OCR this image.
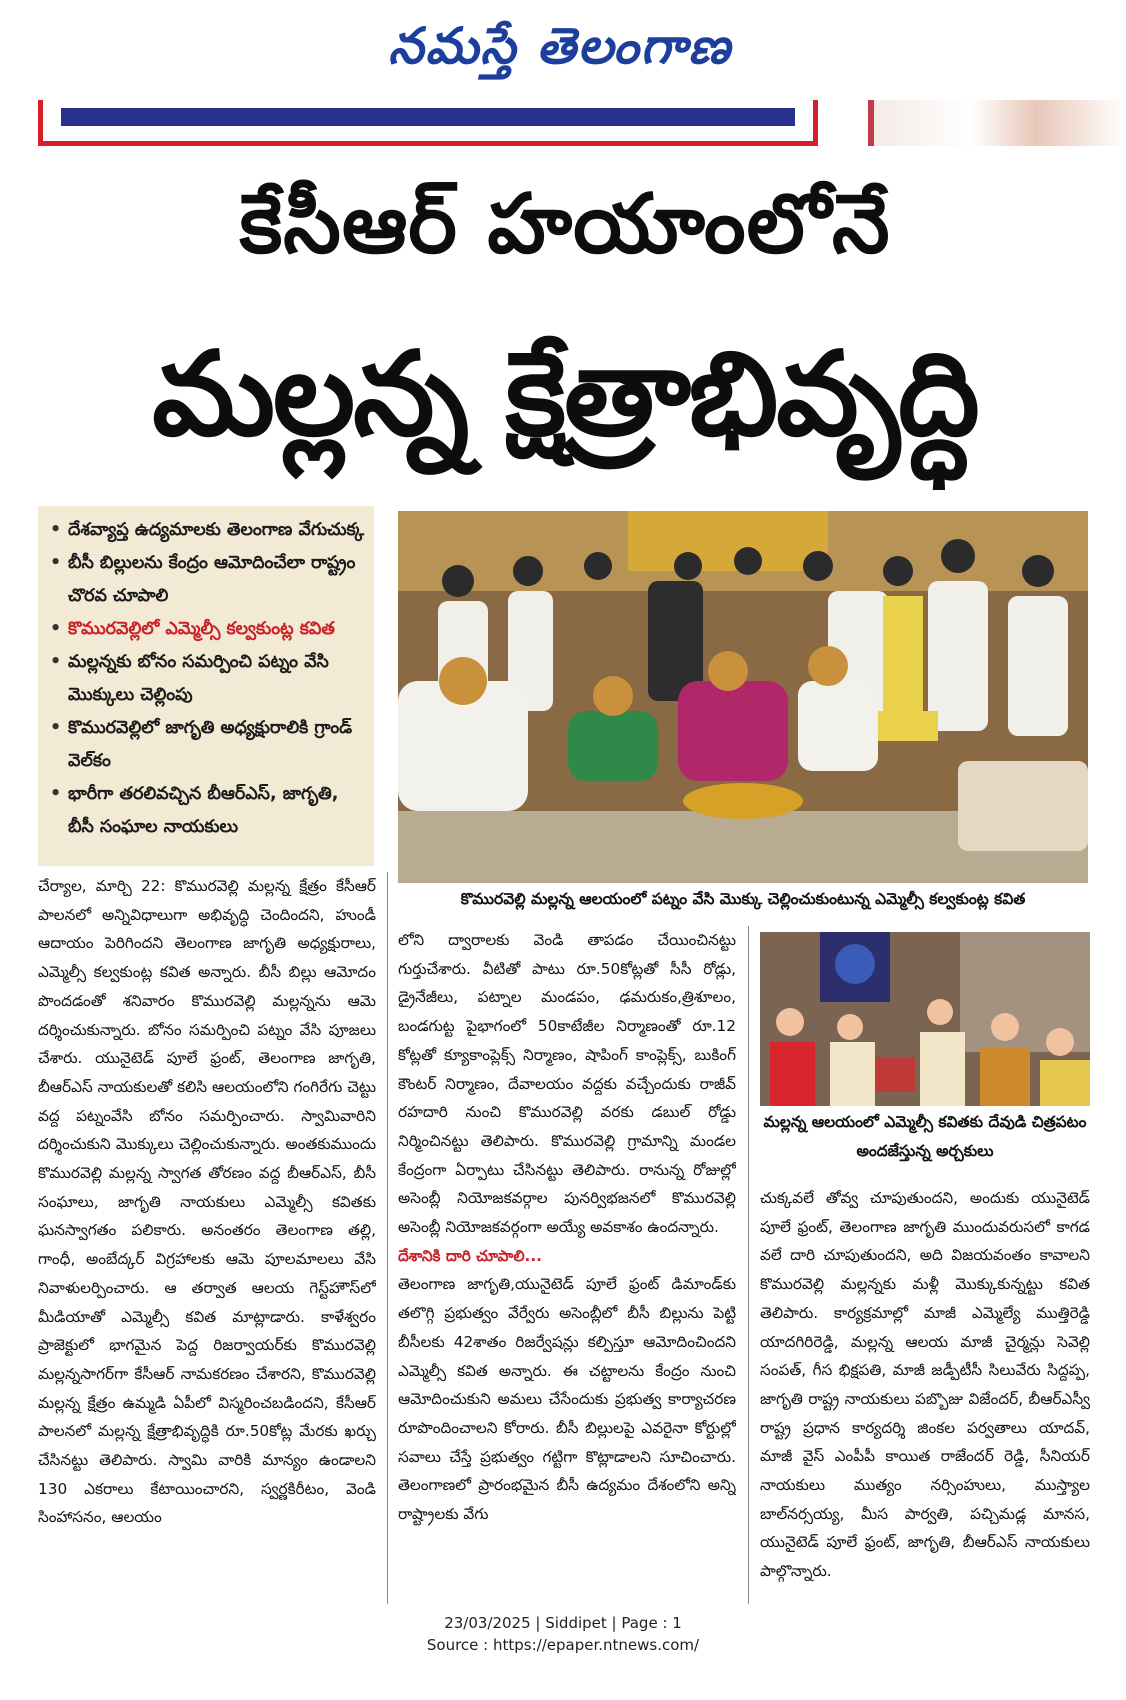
నమస్తే తెలంగాణ
కేసీఆర్ హయాంలోనే
మల్లన్న క్షేత్రాభివృద్ధి
• దేశవ్యాప్త ఉద్యమాలకు తెలంగాణ వేగుచుక్క
• బీసీ బిల్లులను కేంద్రం ఆమోదించేలా రాష్ట్రం చొరవ చూపాలి
• కొమురవెల్లిలో ఎమ్మెల్సీ కల్వకుంట్ల కవిత
• మల్లన్నకు బోనం సమర్పించి పట్నం వేసి మొక్కులు చెల్లింపు
• కొమురవెల్లిలో జాగృతి అధ్యక్షురాలికి గ్రాండ్ వెల్‌కం
• భారీగా తరలివచ్చిన బీఆర్ఎస్, జాగృతి, బీసీ సంఘాల నాయకులు
కొమురవెల్లి మల్లన్న ఆలయంలో పట్నం వేసి మొక్కు చెల్లించుకుంటున్న ఎమ్మెల్సీ కల్వకుంట్ల కవిత
మల్లన్న ఆలయంలో ఎమ్మెల్సీ కవితకు దేవుడి చిత్రపటం అందజేస్తున్న అర్చకులు

చేర్యాల, మార్చి 22: కొమురవెల్లి మల్లన్న క్షేత్రం కేసీఆర్ పాలనలో అన్నివిధాలుగా అభివృద్ధి చెందిందని, హుండీ ఆదాయం పెరిగిందని తెలంగాణ జాగృతి అధ్యక్షురాలు, ఎమ్మెల్సీ కల్వకుంట్ల కవిత అన్నారు. బీసీ బిల్లు ఆమోదం పొందడంతో శనివారం కొమురవెల్లి మల్లన్నను ఆమె దర్శించుకున్నారు. బోనం సమర్పించి పట్నం వేసి పూజలు చేశారు. యునైటెడ్ పూలే ఫ్రంట్, తెలంగాణ జాగృతి, బీఆర్ఎస్ నాయకులతో కలిసి ఆలయంలోని గంగిరేగు చెట్టు వద్ద పట్నంవేసి బోనం సమర్పించారు. స్వామివారిని దర్శించుకుని మొక్కులు చెల్లించుకున్నారు. అంతకుముందు కొమురవెల్లి మల్లన్న స్వాగత తోరణం వద్ద బీఆర్ఎస్, బీసీ సంఘాలు, జాగృతి నాయకులు ఎమ్మెల్సీ కవితకు ఘనస్వాగతం పలికారు. అనంతరం తెలంగాణ తల్లి, గాంధీ, అంబేద్కర్ విగ్రహాలకు ఆమె పూలమాలలు వేసి నివాళులర్పించారు. ఆ తర్వాత ఆలయ గెస్ట్‌హౌస్‌లో మీడియాతో ఎమ్మెల్సీ కవిత మాట్లాడారు. కాళేశ్వరం ప్రాజెక్టులో భాగమైన పెద్ద రిజర్వాయర్‌కు కొమురవెల్లి మల్లన్నసాగర్‌గా కేసీఆర్ నామకరణం చేశారని, కొమురవెల్లి మల్లన్న క్షేత్రం ఉమ్మడి ఏపీలో విస్మరించబడిందని, కేసీఆర్ పాలనలో మల్లన్న క్షేత్రాభివృద్ధికి రూ.50కోట్ల మేరకు ఖర్చు చేసినట్టు తెలిపారు. స్వామి వారికి మాన్యం ఉండాలని 130 ఎకరాలు కేటాయించారని, స్వర్ణకిరీటం, వెండి సింహాసనం, ఆలయం

లోని ద్వారాలకు వెండి తాపడం చేయించినట్టు గుర్తుచేశారు. వీటితో పాటు రూ.50కోట్లతో సీసీ రోడ్లు, డ్రైనేజీలు, పట్నాల మండపం, ఢమరుకం,త్రిశూలం, బండగుట్ట పైభాగంలో 50కాటేజీల నిర్మాణంతో రూ.12 కోట్లతో క్యూకాంప్లెక్స్ నిర్మాణం, షాపింగ్ కాంప్లెక్స్, బుకింగ్ కౌంటర్ నిర్మాణం, దేవాలయం వద్దకు వచ్చేందుకు రాజీవ్ రహదారి నుంచి కొమురవెల్లి వరకు డబుల్ రోడ్డు నిర్మించినట్టు తెలిపారు. కొమురవెల్లి గ్రామాన్ని మండల కేంద్రంగా ఏర్పాటు చేసినట్టు తెలిపారు. రానున్న రోజుల్లో అసెంబ్లీ నియోజకవర్గాల పునర్విభజనలో కొమురవెల్లి అసెంబ్లీ నియోజకవర్గంగా అయ్యే అవకాశం ఉందన్నారు.

దేశానికి దారి చూపాలి...

తెలంగాణ జాగృతి,యునైటెడ్ పూలే ఫ్రంట్ డిమాండ్‌కు తలొగ్గి ప్రభుత్వం వేర్వేరు అసెంబ్లీలో బీసీ బిల్లును పెట్టి బీసీలకు 42శాతం రిజర్వేషన్లు కల్పిస్తూ ఆమోదించిందని ఎమ్మెల్సీ కవిత అన్నారు. ఈ చట్టాలను కేంద్రం నుంచి ఆమోదించుకుని అమలు చేసేందుకు ప్రభుత్వ కార్యాచరణ రూపొందించాలని కోరారు. బీసీ బిల్లులపై ఎవరైనా కోర్టుల్లో సవాలు చేస్తే ప్రభుత్వం గట్టిగా కొట్లాడాలని సూచించారు. తెలంగాణలో ప్రారంభమైన బీసీ ఉద్యమం దేశంలోని అన్ని రాష్ట్రాలకు వేగు

చుక్కవలే తోవ్వ చూపుతుందని, అందుకు యునైటెడ్ పూలే ఫ్రంట్, తెలంగాణ జాగృతి ముందువరుసలో కాగడ వలే దారి చూపుతుందని, అది విజయవంతం కావాలని కొమురవెల్లి మల్లన్నకు మళ్లీ మొక్కుకున్నట్టు కవిత తెలిపారు. కార్యక్రమాల్లో మాజీ ఎమ్మెల్యే ముత్తిరెడ్డి యాదగిరిరెడ్డి, మల్లన్న ఆలయ మాజీ చైర్మన్లు సెవెల్లి సంపత్, గీస భిక్షపతి, మాజీ జడ్పీటీసీ సిలువేరు సిద్దప్ప, జాగృతి రాష్ట్ర నాయకులు పబ్బొజు విజేందర్, బీఆర్ఎస్వీ రాష్ట్ర ప్రధాన కార్యదర్శి జింకల పర్వతాలు యాదవ్, మాజీ వైస్ ఎంపీపీ కాయిత రాజేందర్ రెడ్డి, సీనియర్ నాయకులు ముత్యం నర్సింహులు, ముస్త్యాల బాల్‌నర్సయ్య, మీస పార్వతి, పచ్చిమడ్ల మానస, యునైటెడ్ పూలే ఫ్రంట్, జాగృతి, బీఆర్ఎస్ నాయకులు పాల్గొన్నారు.

23/03/2025 | Siddipet | Page : 1
Source : https://epaper.ntnews.com/
